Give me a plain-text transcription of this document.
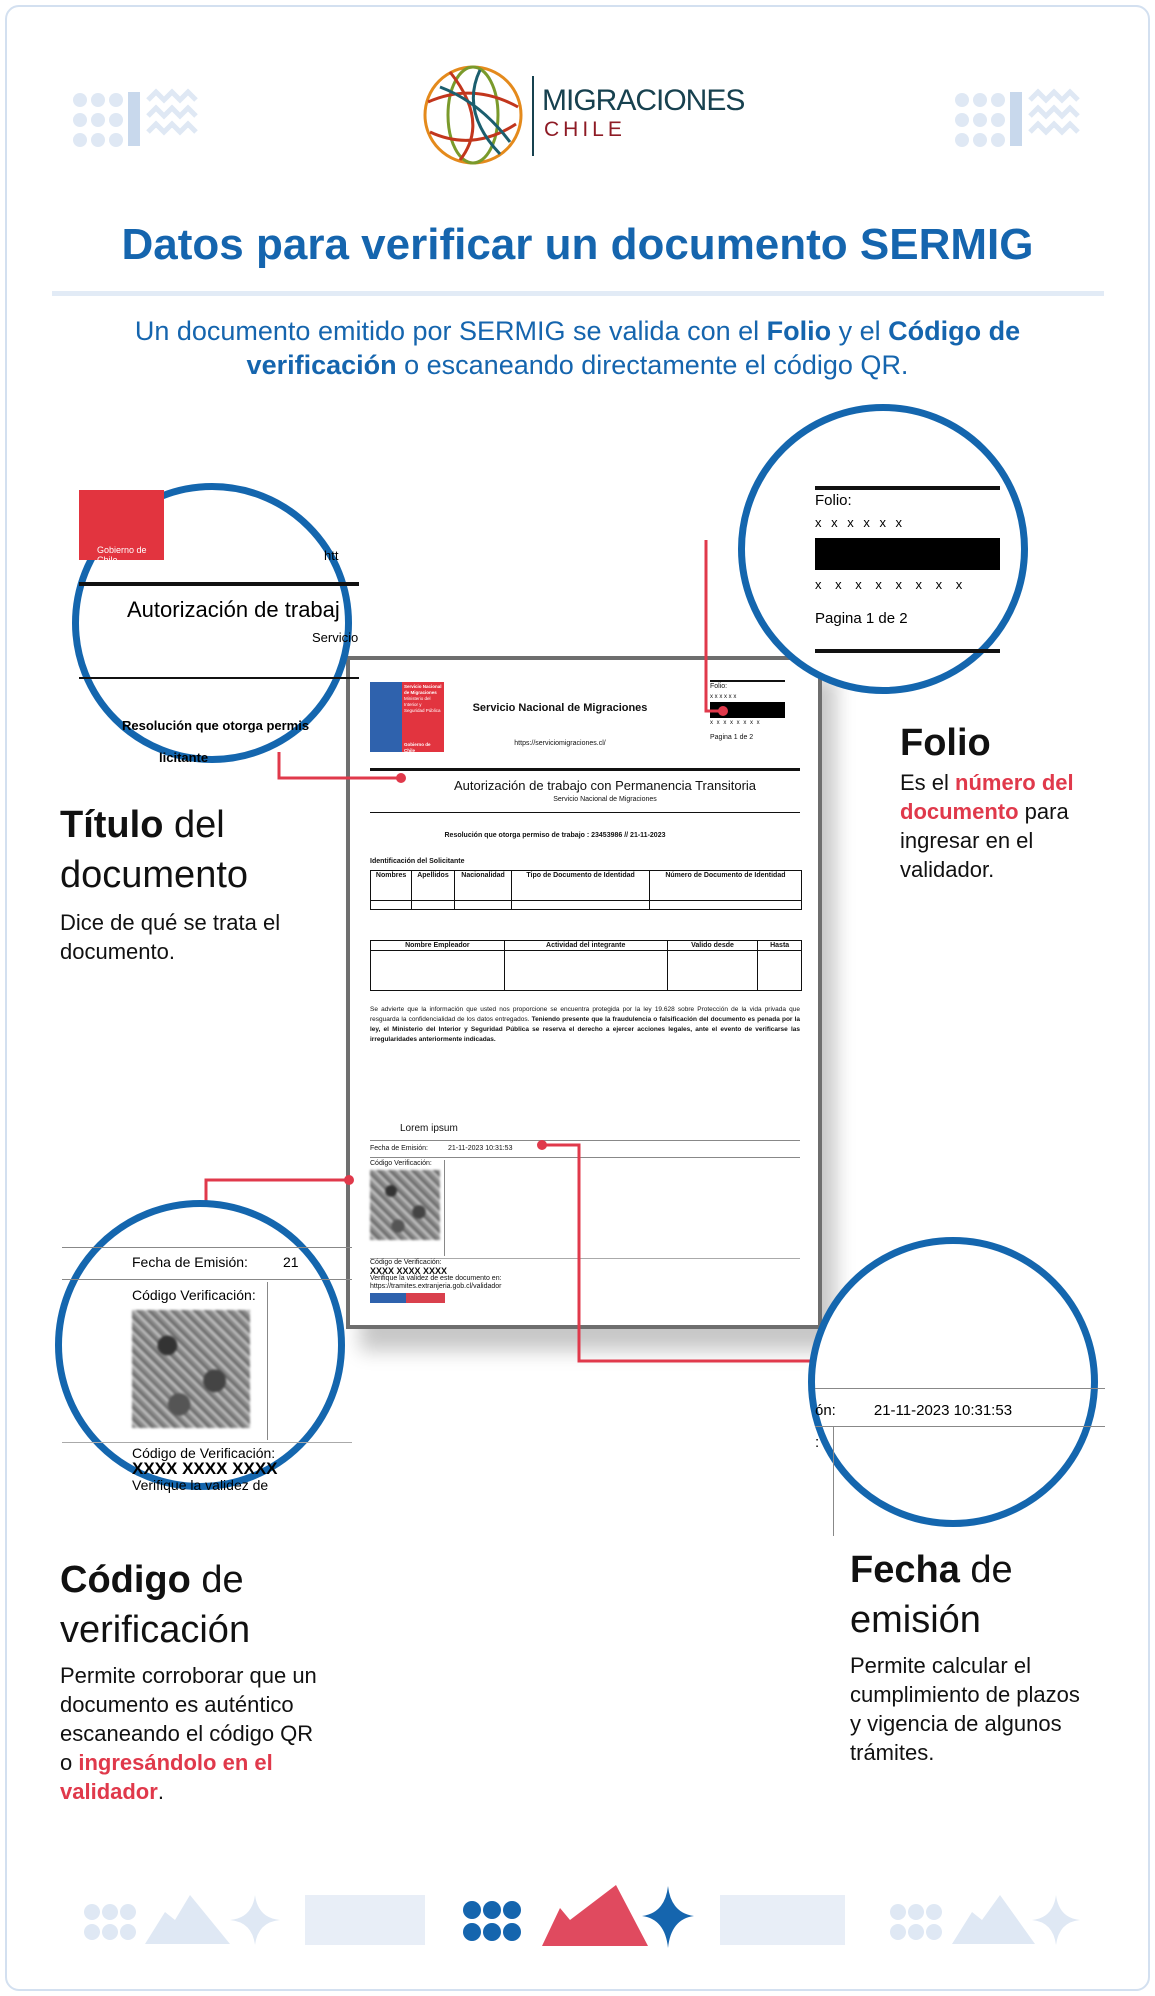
MIGRACIONES
CHILE
Datos para verificar un documento SERMIG

Un documento emitido por SERMIG se valida con el Folio y el Código de verificación o escaneando directamente el código QR.

Servicio Nacional de Migraciones
Ministerio del Interior y Seguridad Pública
Gobierno de Chile
Servicio Nacional de Migraciones
https://serviciomigraciones.cl/
Folio:
x x x x x x
x x x x x x x x
Pagina 1 de 2
Autorización de trabajo con Permanencia Transitoria
Servicio Nacional de Migraciones
Resolución que otorga permiso de trabajo : 23453986 // 21-11-2023
Identificación del Solicitante
Nombres	Apellidos	Nacionalidad	Tipo de Documento de Identidad	Número de Documento de Identidad

Nombre Empleador	Actividad del integrante	Valido desde	Hasta

Se advierte que la información que usted nos proporcione se encuentra protegida por la ley 19.628 sobre Protección de la vida privada que resguarda la confidencialidad de los datos entregados. Teniendo presente que la fraudulencia o falsificación del documento es penada por la ley, el Ministerio del Interior y Seguridad Pública se reserva el derecho a ejercer acciones legales, ante el evento de verificarse las irregularidades anteriormente indicadas.

Lorem ipsum
Fecha de Emisión:	21-11-2023 10:31:53
Código Verificación:
Código de Verificación:
XXXX XXXX XXXX
Verifique la validez de este documento en:
https://tramites.extranjeria.gob.cl/validador
Gobierno de Chile	htt
Autorización de trabaj
Servicio
Resolución que otorga permis
licitante
Folio:
x x x x x x
x x x x x x x x
Pagina 1 de 2
Fecha de Emisión:	21
Código Verificación:
Código de Verificación:
XXXX XXXX XXXX
Verifique la validez de
ón:	21-11-2023 10:31:53
:
Título del documento

Dice de qué se trata el documento.

Folio

Es el número del documento para ingresar en el validador.

Código de verificación

Permite corroborar que un documento es auténtico escaneando el código QR o ingresándolo en el validador.

Fecha de emisión

Permite calcular el cumplimiento de plazos y vigencia de algunos trámites.
